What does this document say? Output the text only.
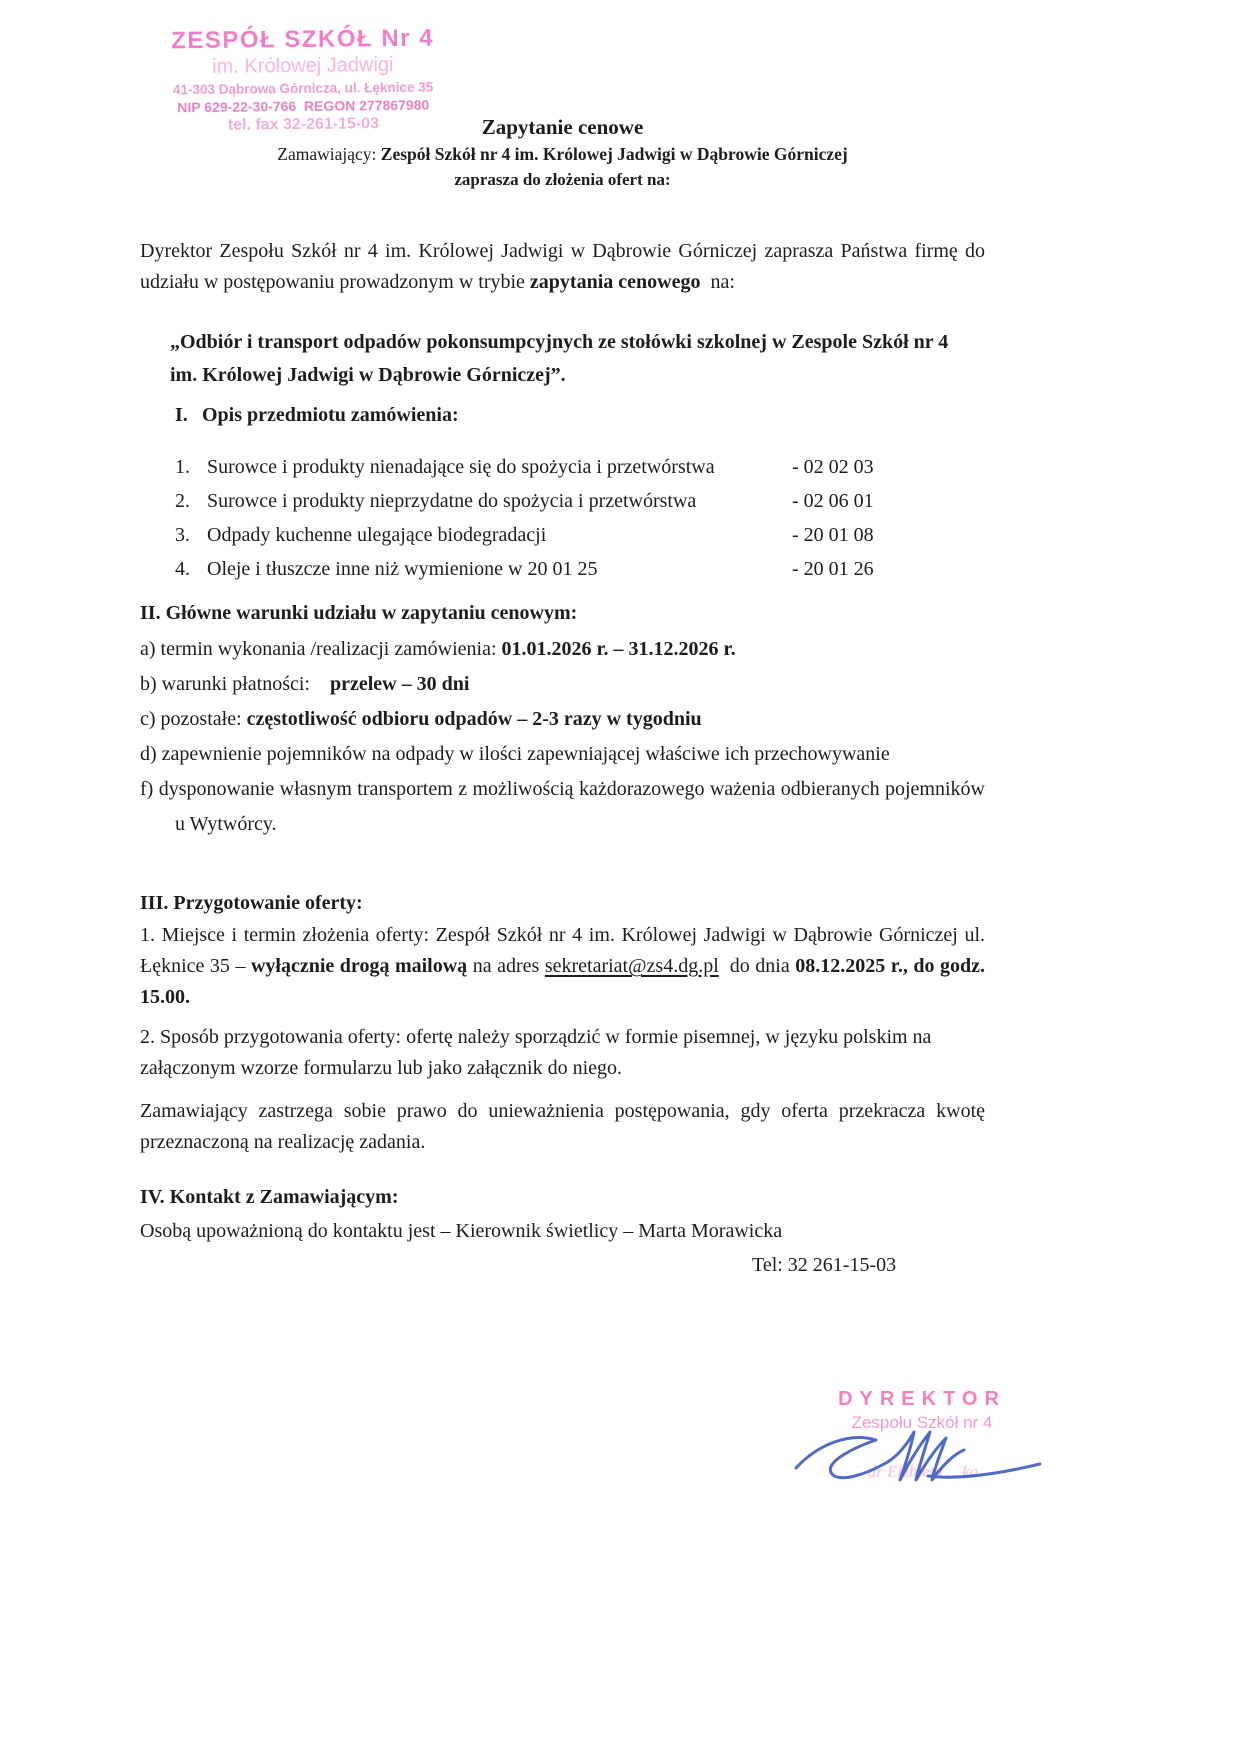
ZESPÓŁ SZKÓŁ Nr 4
im. Królowej Jadwigi
41-303 Dąbrowa Górnicza, ul. Łęknice 35
NIP 629-22-30-766  REGON 277867980
tel. fax 32-261-15-03	Zapytanie cenowe
Zamawiający: Zespół Szkół nr 4 im. Królowej Jadwigi w Dąbrowie Górniczej
zaprasza do złożenia ofert na:
Dyrektor Zespołu Szkół nr 4 im. Królowej Jadwigi w Dąbrowie Górniczej zaprasza Państwa firmę do udziału w postępowaniu prowadzonym w trybie zapytania cenowego  na:
„Odbiór i transport odpadów pokonsumpcyjnych ze stołówki szkolnej w Zespole Szkół nr 4 im. Królowej Jadwigi w Dąbrowie Górniczej”.
I. Opis przedmiotu zamówienia:
1. Surowce i produkty nienadające się do spożycia i przetwórstwa	- 02 02 03
2. Surowce i produkty nieprzydatne do spożycia i przetwórstwa	- 02 06 01
3. Odpady kuchenne ulegające biodegradacji	- 20 01 08
4. Oleje i tłuszcze inne niż wymienione w 20 01 25	- 20 01 26
II. Główne warunki udziału w zapytaniu cenowym:
a) termin wykonania /realizacji zamówienia: 01.01.2026 r. – 31.12.2026 r.
b) warunki płatności:    przelew – 30 dni
c) pozostałe: częstotliwość odbioru odpadów – 2-3 razy w tygodniu
d) zapewnienie pojemników na odpady w ilości zapewniającej właściwe ich przechowywanie
f) dysponowanie własnym transportem z możliwością każdorazowego ważenia odbieranych pojemników u Wytwórcy.
III. Przygotowanie oferty:
1. Miejsce i termin złożenia oferty: Zespół Szkół nr 4 im. Królowej Jadwigi w Dąbrowie Górniczej ul. Łęknice 35 – wyłącznie drogą mailową na adres sekretariat@zs4.dg.pl  do dnia 08.12.2025 r., do godz. 15.00.
2. Sposób przygotowania oferty: ofertę należy sporządzić w formie pisemnej, w języku polskim na załączonym wzorze formularzu lub jako załącznik do niego.
Zamawiający zastrzega sobie prawo do unieważnienia postępowania, gdy oferta przekracza kwotę przeznaczoną na realizację zadania.
IV. Kontakt z Zamawiającym:
Osobą upoważnioną do kontaktu jest – Kierownik świetlicy – Marta Morawicka
Tel: 32 261-15-03
DYREKTOR
Zespołu Szkół nr 4
dr Elżbieta …ka
